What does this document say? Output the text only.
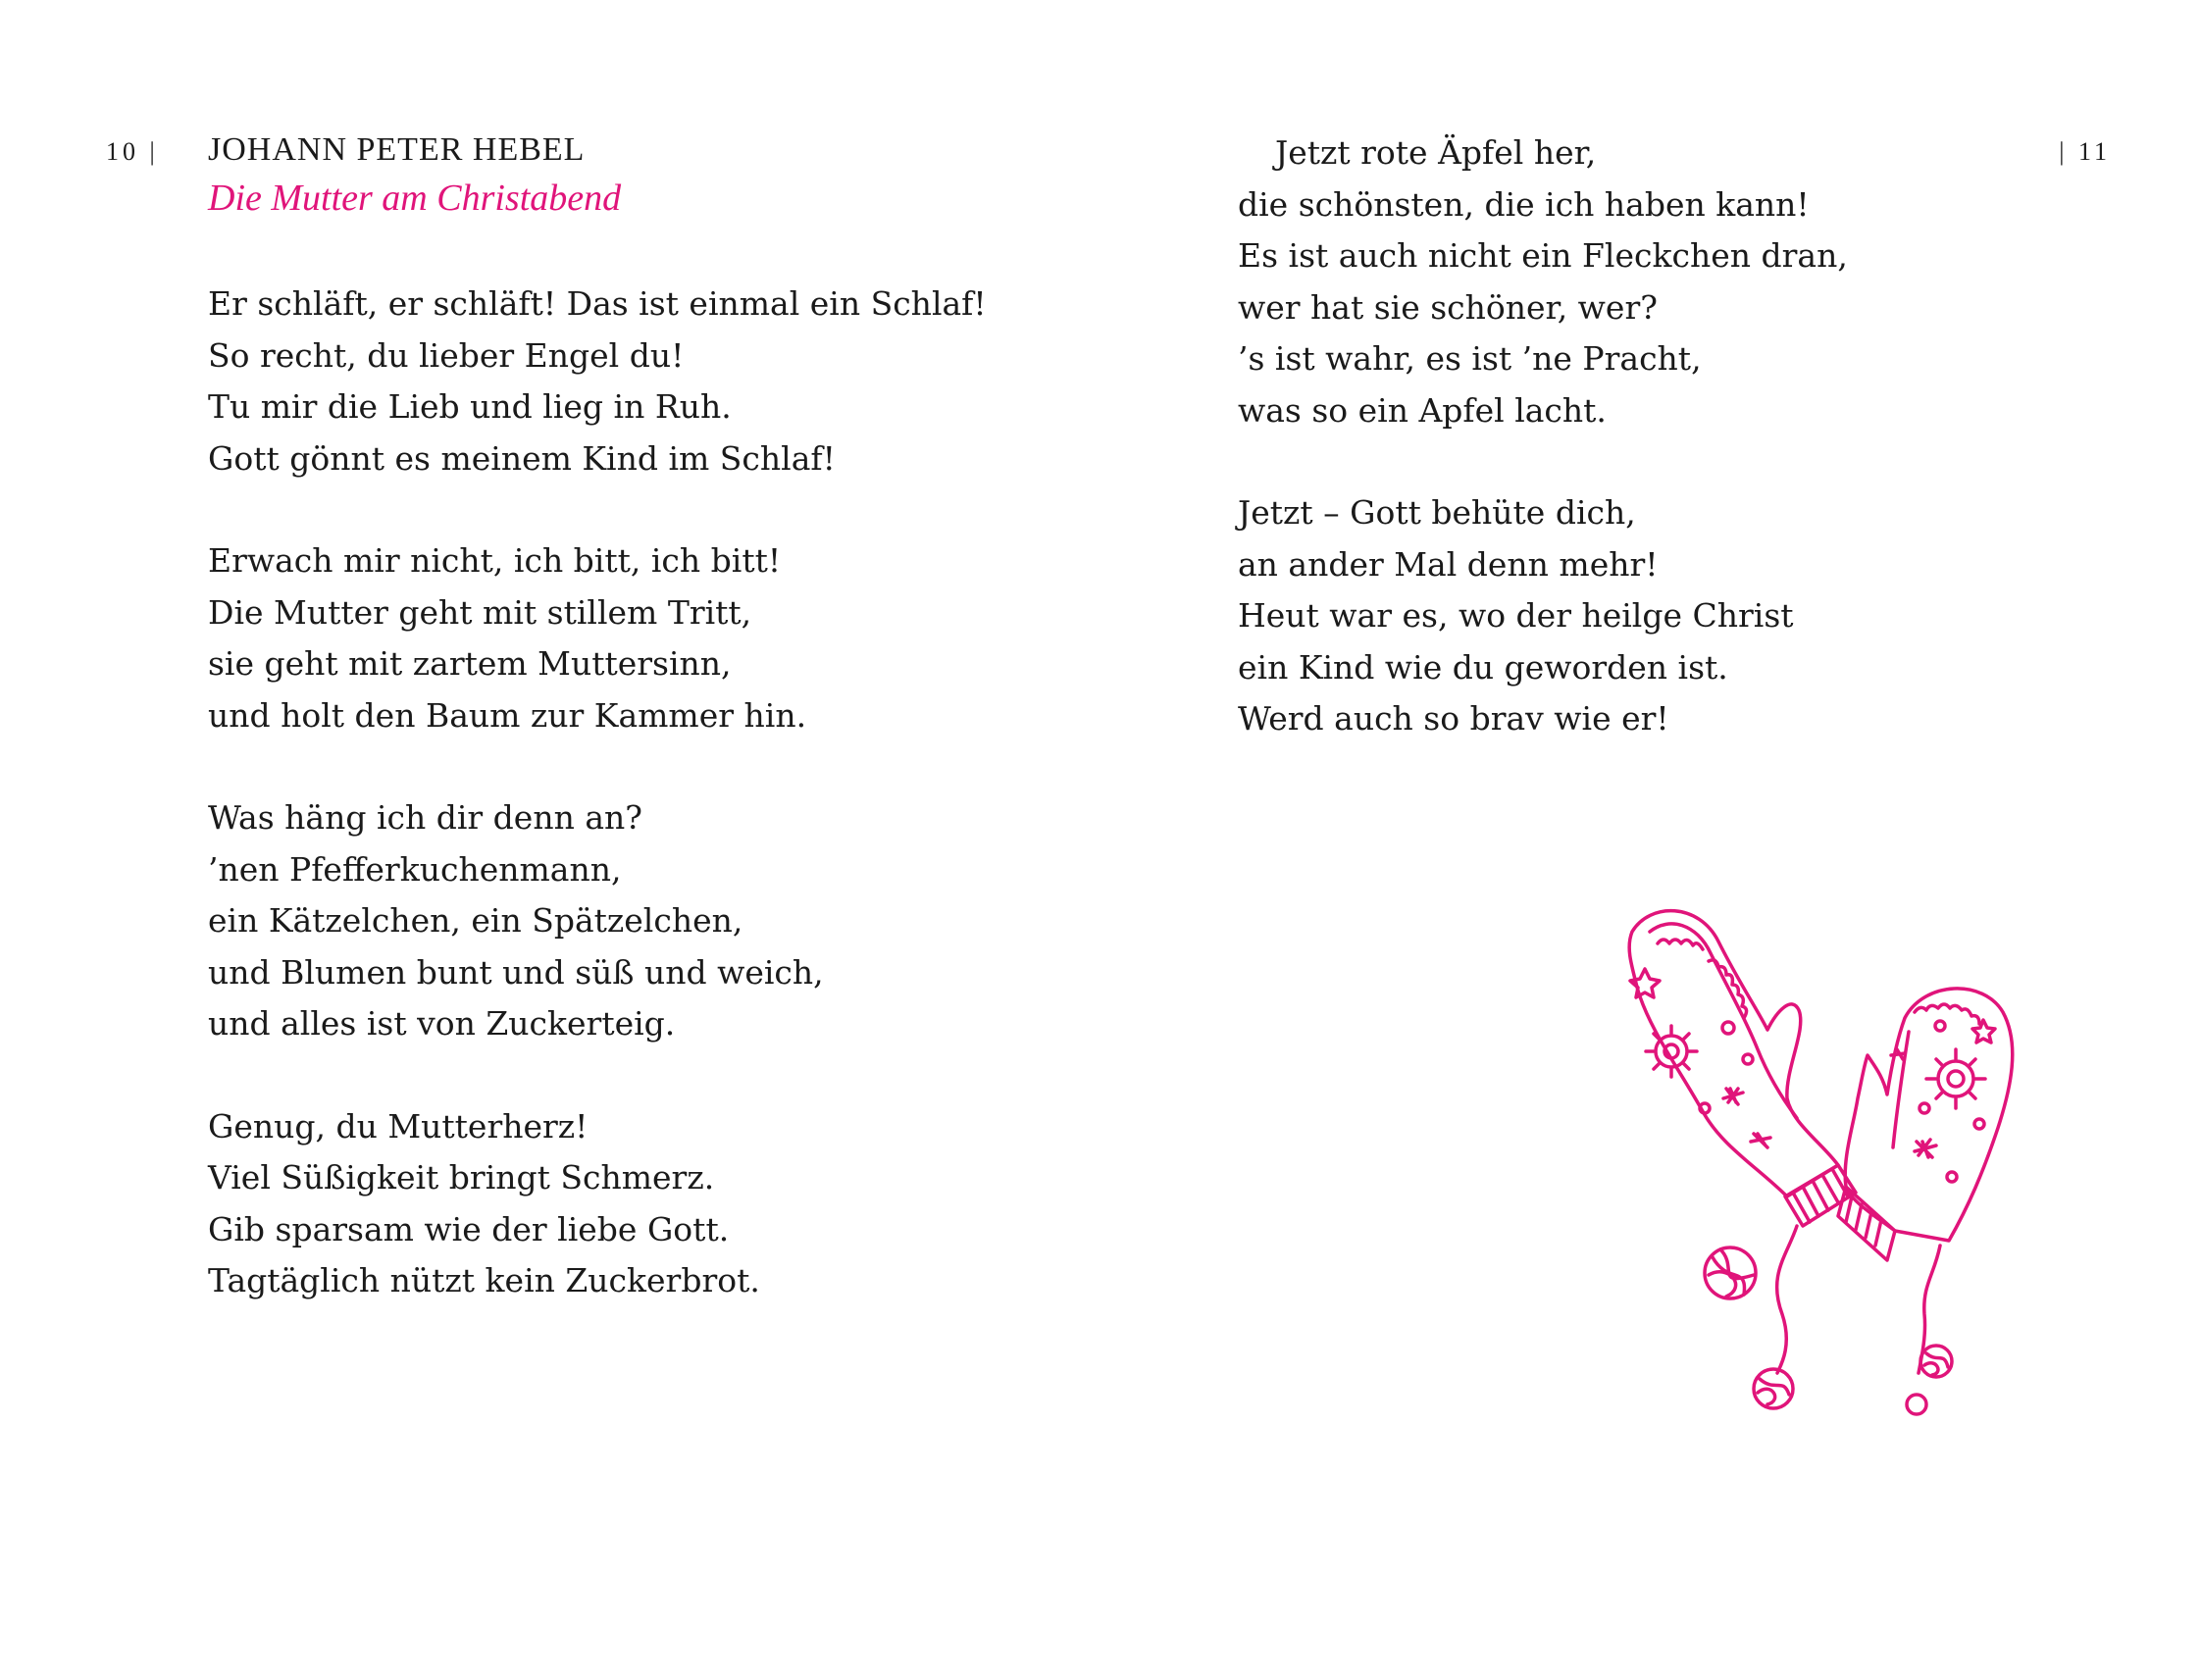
10 | JOHANN PETER HEBEL
Die Mutter am Christabend
Er schläft, er schläft! Das ist einmal ein Schlaf!
So recht, du lieber Engel du!
Tu mir die Lieb und lieg in Ruh.
Gott gönnt es meinem Kind im Schlaf!
Erwach mir nicht, ich bitt, ich bitt!
Die Mutter geht mit stillem Tritt,
sie geht mit zartem Muttersinn,
und holt den Baum zur Kammer hin.
Was häng ich dir denn an?
’nen Pfefferkuchenmann,
ein Kätzelchen, ein Spätzelchen,
und Blumen bunt und süß und weich,
und alles ist von Zuckerteig.
Genug, du Mutterherz!
Viel Süßigkeit bringt Schmerz.
Gib sparsam wie der liebe Gott.
Tagtäglich nützt kein Zuckerbrot.
| 11
Jetzt rote Äpfel her,
die schönsten, die ich haben kann!
Es ist auch nicht ein Fleckchen dran,
wer hat sie schöner, wer?
’s ist wahr, es ist ’ne Pracht,
was so ein Apfel lacht.
Jetzt – Gott behüte dich,
an ander Mal denn mehr!
Heut war es, wo der heilge Christ
ein Kind wie du geworden ist.
Werd auch so brav wie er!
